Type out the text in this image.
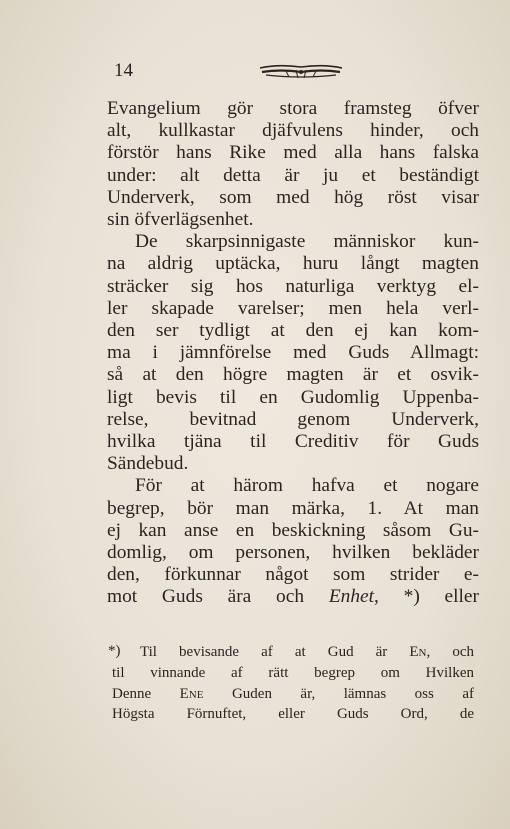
14

Evangelium gör stora framsteg öfver
alt, kullkastar djäfvulens hinder, och
förstör hans Rike med alla hans falska
under: alt detta är ju et beständigt
Underverk, som med hög röst visar
sin öfverlägsenhet.

De skarpsinnigaste människor kun-
na aldrig uptäcka, huru långt magten
sträcker sig hos naturliga verktyg el-
ler skapade varelser; men hela verl-
den ser tydligt at den ej kan kom-
ma i jämnförelse med Guds Allmagt:
så at den högre magten är et osvik-
ligt bevis til en Gudomlig Uppenba-
relse, bevitnad genom Underverk,
hvilka tjäna til Creditiv för Guds
Sändebud.

För at härom hafva et nogare
begrep, bör man märka, 1. At man
ej kan anse en beskickning såsom Gu-
domlig, om personen, hvilken bekläder
den, förkunnar något som strider e-
mot Guds ära och Enhet, *) eller

*)	Til bevisande af at Gud är En, och
til vinnande af rätt begrep om Hvilken
Denne Ene Guden är, lämnas oss af
Högsta Förnuftet, eller Guds Ord, de
